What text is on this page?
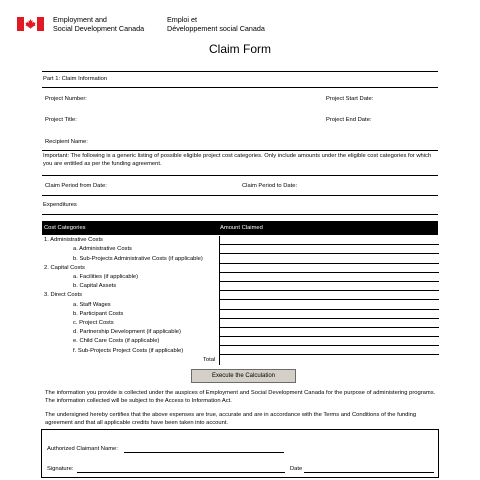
Employment and
Social Development Canada
Emploi et
Développement social Canada
Claim Form
Part 1: Claim Information
Project Number:	Project Start Date:
Project Title:	Project End Date:
Recipient Name:
Important: The following is a generic listing of possible eligible project cost categories. Only include amounts under the eligible cost categories for which you are entitled as per the funding agreement.
Claim Period from Date:	Claim Period to Date:
Expenditures
Cost Categories	Amount Claimed
1. Administrative Costs
a. Administrative Costs
b. Sub-Projects Administrative Costs (if applicable)
2. Capital Costs
a. Facilities (if applicable)
b. Capital Assets
3. Direct Costs
a. Staff Wages
b. Participant Costs
c. Project Costs
d. Partnership Development (if applicable)
e. Child Care Costs (if applicable)
f. Sub-Projects Project Costs (if applicable)
Total
Execute the Calculation
The information you provide is collected under the auspices of Employment and Social Development Canada for the purpose of administering programs. The information collected will be subject to the Access to Information Act.
The undersigned hereby certifies that the above expenses are true, accurate and are in accordance with the Terms and Conditions of the funding agreement and that all applicable credits have been taken into account.
Authorized Claimant Name:
Signature:	Date
